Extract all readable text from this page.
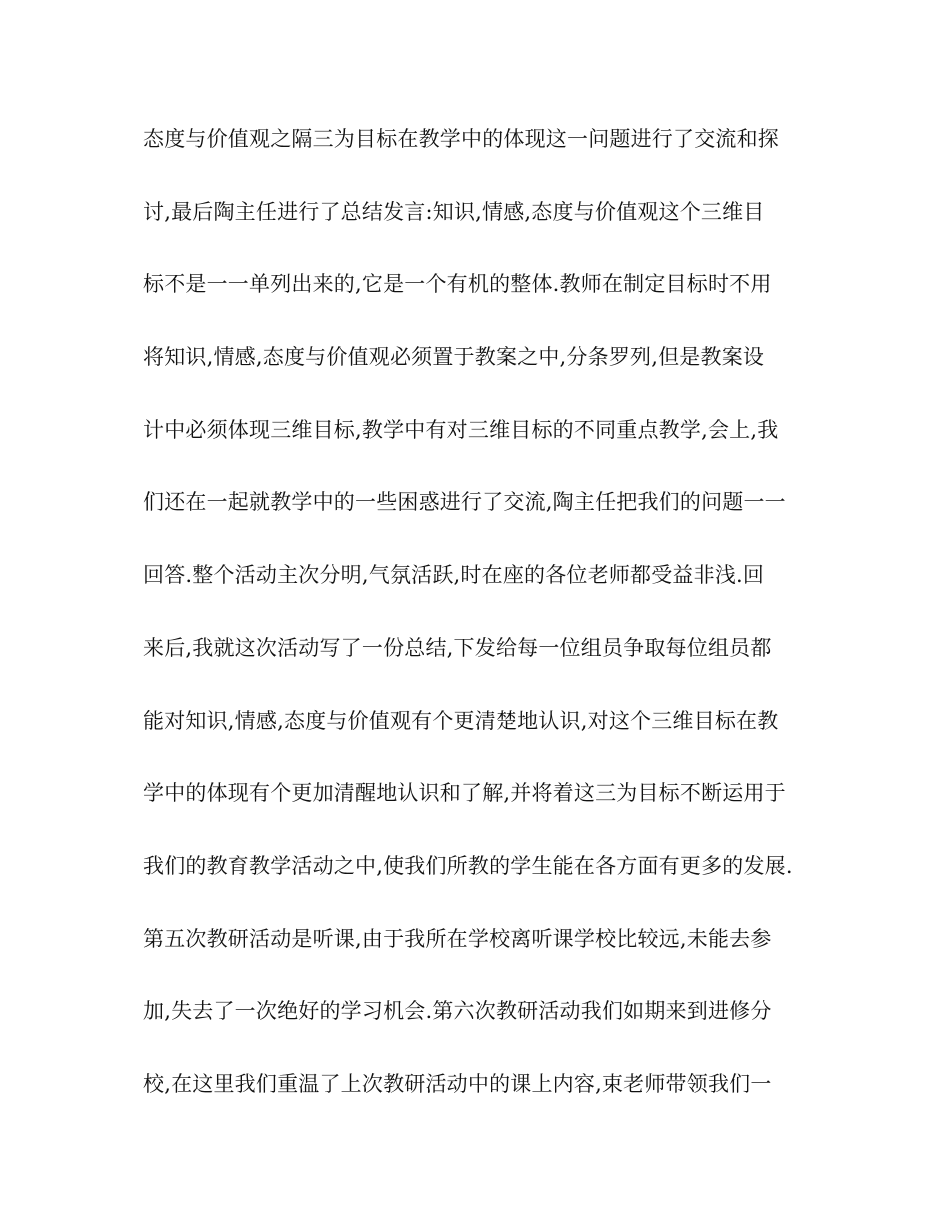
态度与价值观之隔三为目标在教学中的体现这一问题进行了交流和探
讨,最后陶主任进行了总结发言:知识,情感,态度与价值观这个三维目
标不是一一单列出来的,它是一个有机的整体.教师在制定目标时不用
将知识,情感,态度与价值观必须置于教案之中,分条罗列,但是教案设
计中必须体现三维目标,教学中有对三维目标的不同重点教学,会上,我
们还在一起就教学中的一些困惑进行了交流,陶主任把我们的问题一一
回答.整个活动主次分明,气氛活跃,时在座的各位老师都受益非浅.回
来后,我就这次活动写了一份总结,下发给每一位组员争取每位组员都
能对知识,情感,态度与价值观有个更清楚地认识,对这个三维目标在教
学中的体现有个更加清醒地认识和了解,并将着这三为目标不断运用于
我们的教育教学活动之中,使我们所教的学生能在各方面有更多的发展.
第五次教研活动是听课,由于我所在学校离听课学校比较远,未能去参
加,失去了一次绝好的学习机会.第六次教研活动我们如期来到进修分
校,在这里我们重温了上次教研活动中的课上内容,束老师带领我们一
